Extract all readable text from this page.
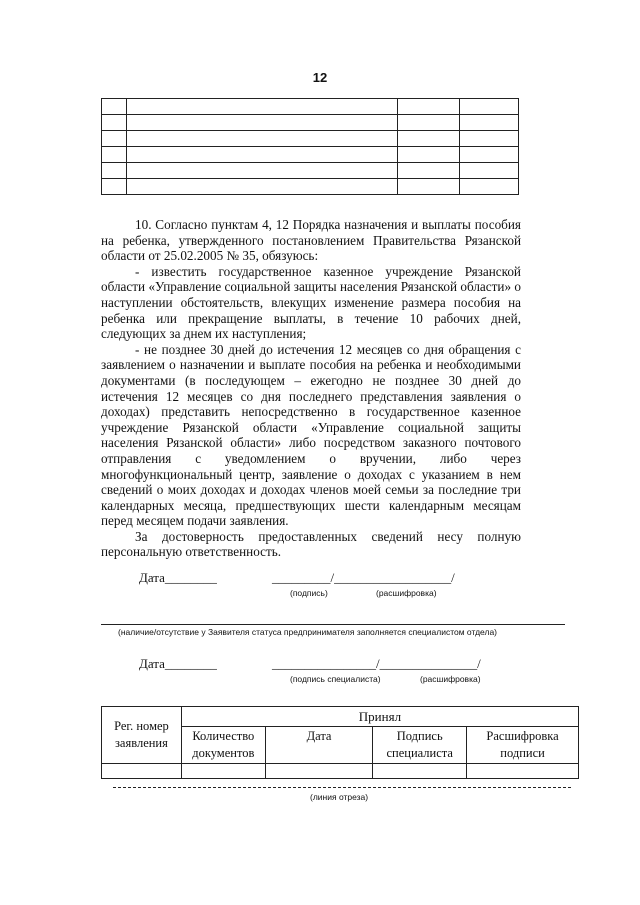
12

10. Согласно пунктам 4, 12 Порядка назначения и выплаты пособия на ребенка, утвержденного постановлением Правительства Рязанской области от 25.02.2005 № 35, обязуюсь:

- известить государственное казенное учреждение Рязанской области «Управление социальной защиты населения Рязанской области» о наступлении обстоятельств, влекущих изменение размера пособия на ребенка или прекращение выплаты, в течение 10 рабочих дней, следующих за днем их наступления;

- не позднее 30 дней до истечения 12 месяцев со дня обращения с заявлением о назначении и выплате пособия на ребенка и необходимыми документами (в последующем – ежегодно не позднее 30 дней до истечения 12 месяцев со дня последнего представления заявления о доходах) представить непосредственно в государственное казенное учреждение Рязанской области «Управление социальной защиты населения Рязанской области» либо посредством заказного почтового отправления с уведомлением о вручении, либо через многофункциональный центр, заявление о доходах с указанием в нем сведений о моих доходах и доходах членов моей семьи за последние три календарных месяца, предшествующих шести календарным месяцам перед месяцем подачи заявления.

За достоверность предоставленных сведений несу полную персональную ответственность.

Дата________	_________/__________________/
(подпись)	(расшифровка)
(наличие/отсутствие у Заявителя статуса предпринимателя заполняется специалистом отдела)
Дата________	________________/_______________/
(подпись специалиста)	(расшифровка)
Рег. номер заявления	Принял			
	Количество документов	Дата	Подпись специалиста	Расшифровка подписи

(линия отреза)
